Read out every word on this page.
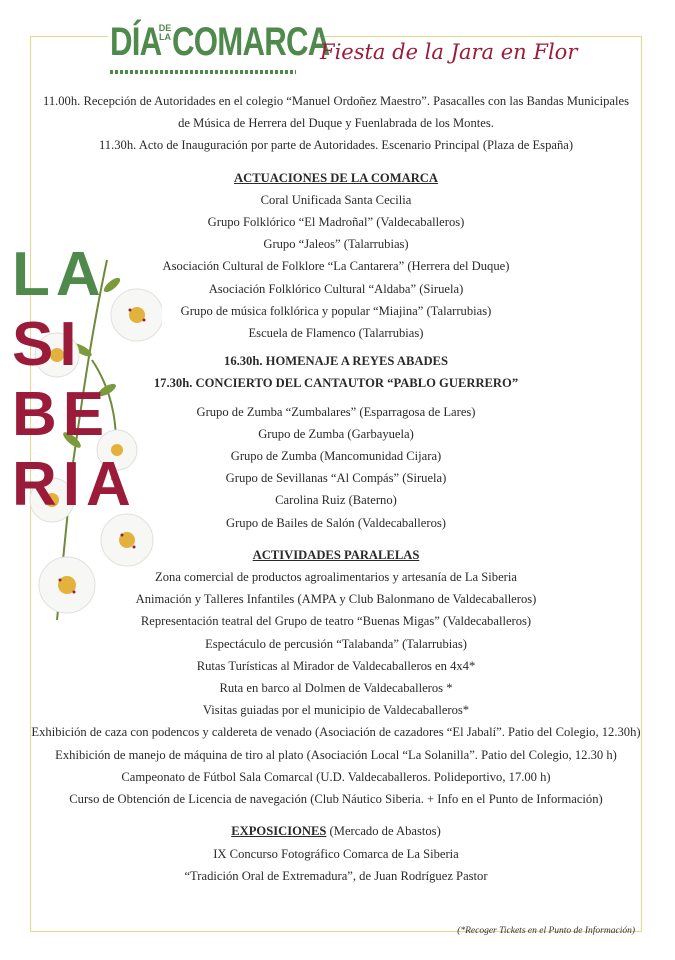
DÍA
DE LA COMARCA
Fiesta de la Jara en Flor
LA
SI
BE
RIA

11.00h. Recepción de Autoridades en el colegio “Manuel Ordoñez Maestro”. Pasacalles con las Bandas Municipales

de Música de Herrera del Duque y Fuenlabrada de los Montes.

11.30h. Acto de Inauguración por parte de Autoridades. Escenario Principal (Plaza de España)

ACTUACIONES DE LA COMARCA

Coral Unificada Santa Cecilia

Grupo Folklórico “El Madroñal” (Valdecaballeros)

Grupo “Jaleos” (Talarrubias)

Asociación Cultural de Folklore “La Cantarera” (Herrera del Duque)

Asociación Folklórico Cultural “Aldaba” (Siruela)

Grupo de música folklórica y popular “Miajina” (Talarrubias)

Escuela de Flamenco (Talarrubias)

16.30h. HOMENAJE A REYES ABADES

17.30h. CONCIERTO DEL CANTAUTOR “PABLO GUERRERO”

Grupo de Zumba “Zumbalares” (Esparragosa de Lares)

Grupo de Zumba (Garbayuela)

Grupo de Zumba (Mancomunidad Cijara)

Grupo de Sevillanas “Al Compás” (Siruela)

Carolina Ruiz (Baterno)

Grupo de Bailes de Salón (Valdecaballeros)

ACTIVIDADES PARALELAS

Zona comercial de productos agroalimentarios y artesanía de La Siberia

Animación y Talleres Infantiles (AMPA y Club Balonmano de Valdecaballeros)

Representación teatral del Grupo de teatro “Buenas Migas” (Valdecaballeros)

Espectáculo de percusión “Talabanda” (Talarrubias)

Rutas Turísticas al Mirador de Valdecaballeros en 4x4*

Ruta en barco al Dolmen de Valdecaballeros *

Visitas guiadas por el municipio de Valdecaballeros*

Exhibición de caza con podencos y caldereta de venado (Asociación de cazadores “El Jabalí”. Patio del Colegio, 12.30h)

Exhibición de manejo de máquina de tiro al plato (Asociación Local “La Solanilla”. Patio del Colegio, 12.30 h)

Campeonato de Fútbol Sala Comarcal (U.D. Valdecaballeros. Polideportivo, 17.00 h)

Curso de Obtención de Licencia de navegación (Club Náutico Siberia. + Info en el Punto de Información)

EXPOSICIONES (Mercado de Abastos)

IX Concurso Fotográfico Comarca de La Siberia

“Tradición Oral de Extremadura”, de Juan Rodríguez Pastor

(*Recoger Tickets en el Punto de Información)
